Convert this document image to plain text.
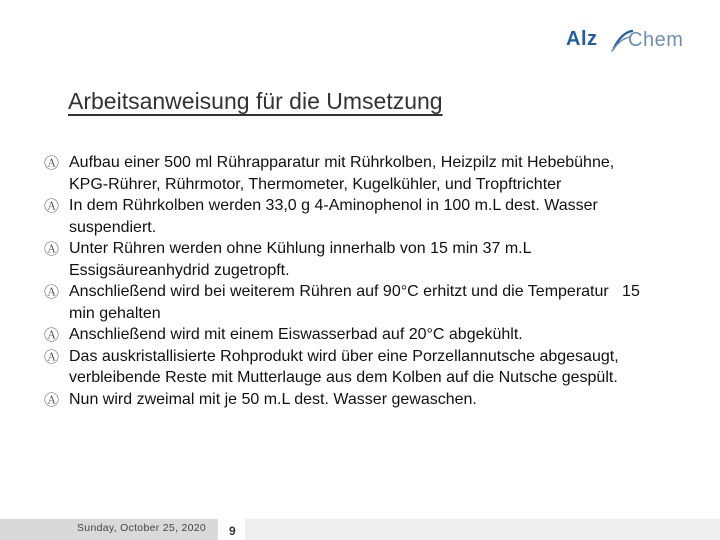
Alz Chem
Arbeitsanweisung für die Umsetzung
Ⓐ Aufbau einer 500 ml Rührapparatur mit Rührkolben, Heizpilz mit Hebebühne,
KPG-Rührer, Rührmotor, Thermometer, Kugelkühler, und Tropftrichter
Ⓐ In dem Rührkolben werden 33,0 g 4-Aminophenol in 100 m.L dest. Wasser
suspendiert.
Ⓐ Unter Rühren werden ohne Kühlung innerhalb von 15 min 37 m.L
Essigsäureanhydrid zugetropft.
Ⓐ Anschließend wird bei weiterem Rühren auf 90°C erhitzt und die Temperatur   15
min gehalten
Ⓐ Anschließend wird mit einem Eiswasserbad auf 20°C abgekühlt.
Ⓐ Das auskristallisierte Rohprodukt wird über eine Porzellannutsche abgesaugt,
verbleibende Reste mit Mutterlauge aus dem Kolben auf die Nutsche gespült.
Ⓐ Nun wird zweimal mit je 50 m.L dest. Wasser gewaschen.
Sunday, October 25, 2020 9
